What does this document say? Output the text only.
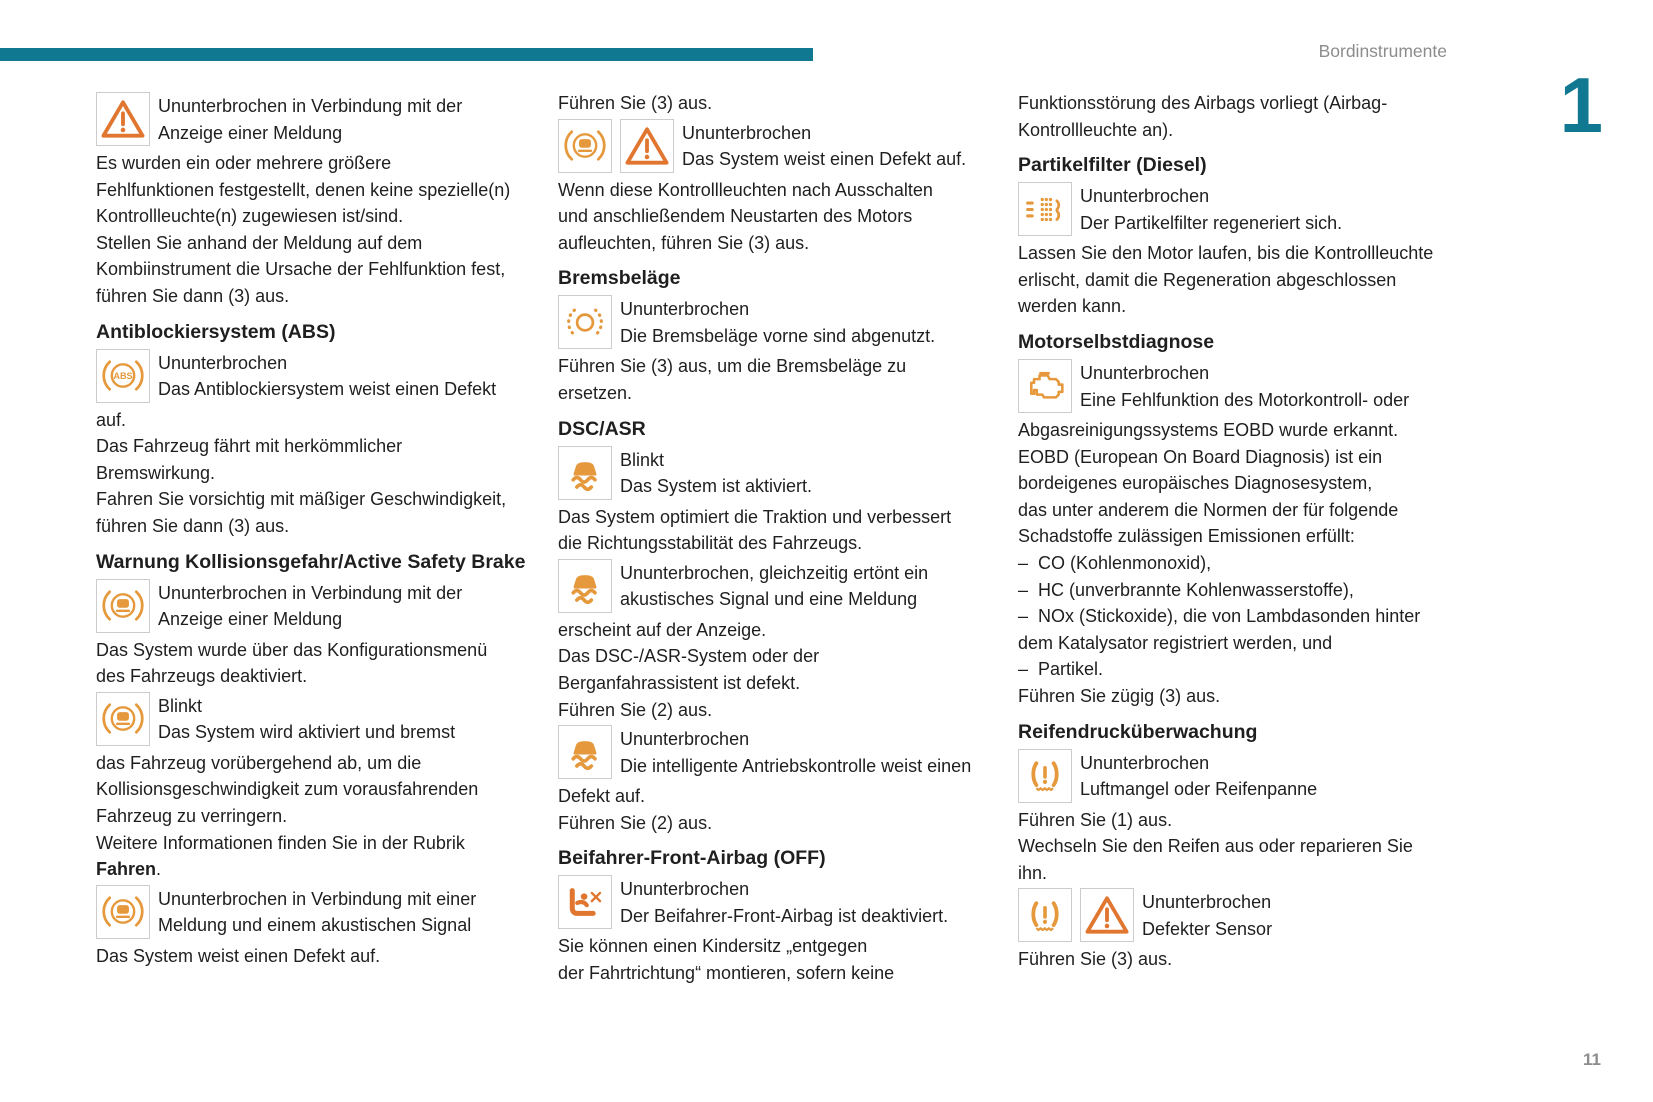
Bordinstrumente
1
Ununterbrochen in Verbindung mit der
Anzeige einer Meldung
Es wurden ein oder mehrere größere
Fehlfunktionen festgestellt, denen keine spezielle(n)
Kontrollleuchte(n) zugewiesen ist/sind.
Stellen Sie anhand der Meldung auf dem
Kombiinstrument die Ursache der Fehlfunktion fest,
führen Sie dann (3) aus.
Antiblockiersystem (ABS)
ABS
Ununterbrochen
Das Antiblockiersystem weist einen Defekt
auf.
Das Fahrzeug fährt mit herkömmlicher
Bremswirkung.
Fahren Sie vorsichtig mit mäßiger Geschwindigkeit,
führen Sie dann (3) aus.
Warnung Kollisionsgefahr/Active Safety Brake
Ununterbrochen in Verbindung mit der
Anzeige einer Meldung
Das System wurde über das Konfigurationsmenü
des Fahrzeugs deaktiviert.
Blinkt
Das System wird aktiviert und bremst
das Fahrzeug vorübergehend ab, um die
Kollisionsgeschwindigkeit zum vorausfahrenden
Fahrzeug zu verringern.
Weitere Informationen finden Sie in der Rubrik
Fahren.
Ununterbrochen in Verbindung mit einer
Meldung und einem akustischen Signal
Das System weist einen Defekt auf.
Führen Sie (3) aus.
Ununterbrochen
Das System weist einen Defekt auf.
Wenn diese Kontrollleuchten nach Ausschalten
und anschließendem Neustarten des Motors
aufleuchten, führen Sie (3) aus.
Bremsbeläge
Ununterbrochen
Die Bremsbeläge vorne sind abgenutzt.
Führen Sie (3) aus, um die Bremsbeläge zu
ersetzen.
DSC/ASR
Blinkt
Das System ist aktiviert.
Das System optimiert die Traktion und verbessert
die Richtungsstabilität des Fahrzeugs.
Ununterbrochen, gleichzeitig ertönt ein
akustisches Signal und eine Meldung
erscheint auf der Anzeige.
Das DSC-/ASR-System oder der
Berganfahrassistent ist defekt.
Führen Sie (2) aus.
Ununterbrochen
Die intelligente Antriebskontrolle weist einen
Defekt auf.
Führen Sie (2) aus.
Beifahrer-Front-Airbag (OFF)
Ununterbrochen
Der Beifahrer-Front-Airbag ist deaktiviert.
Sie können einen Kindersitz „entgegen
der Fahrtrichtung“ montieren, sofern keine
Funktionsstörung des Airbags vorliegt (Airbag-
Kontrollleuchte an).
Partikelfilter (Diesel)
Ununterbrochen
Der Partikelfilter regeneriert sich.
Lassen Sie den Motor laufen, bis die Kontrollleuchte
erlischt, damit die Regeneration abgeschlossen
werden kann.
Motorselbstdiagnose
Ununterbrochen
Eine Fehlfunktion des Motorkontroll- oder
Abgasreinigungssystems EOBD wurde erkannt.
EOBD (European On Board Diagnosis) ist ein
bordeigenes europäisches Diagnosesystem,
das unter anderem die Normen der für folgende
Schadstoffe zulässigen Emissionen erfüllt:
–  CO (Kohlenmonoxid),
–  HC (unverbrannte Kohlenwasserstoffe),
–  NOx (Stickoxide), die von Lambdasonden hinter
dem Katalysator registriert werden, und
–  Partikel.
Führen Sie zügig (3) aus.
Reifendrucküberwachung
Ununterbrochen
Luftmangel oder Reifenpanne
Führen Sie (1) aus.
Wechseln Sie den Reifen aus oder reparieren Sie
ihn.
Ununterbrochen
Defekter Sensor
Führen Sie (3) aus.
11
